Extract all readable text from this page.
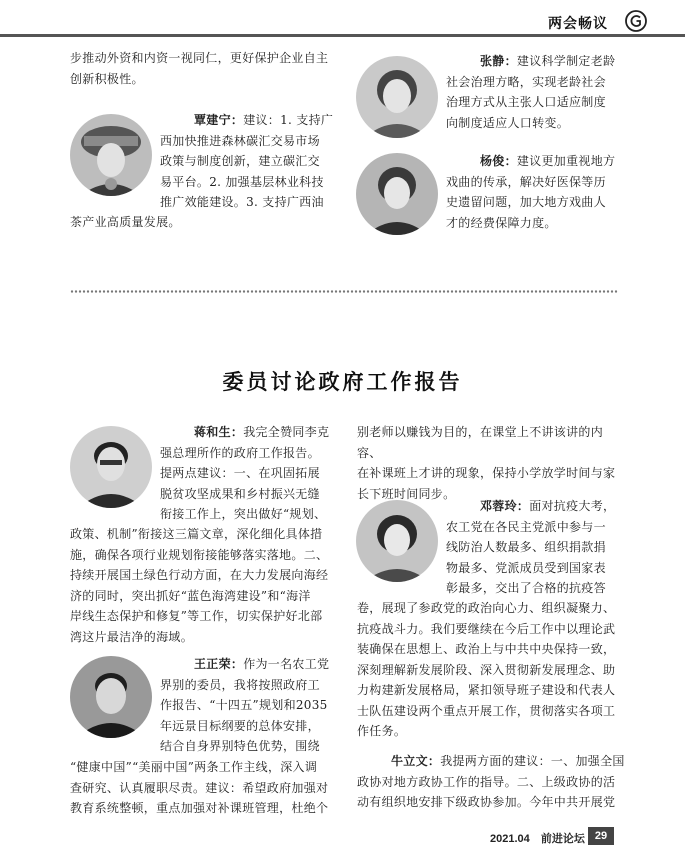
两会畅议

步推动外资和内资一视同仁，更好保护企业自主

创新积极性。

覃建宁：建议：1. 支持广

西加快推进森林碳汇交易市场

政策与制度创新，建立碳汇交

易平台。2. 加强基层林业科技

推广效能建设。3. 支持广西油

茶产业高质量发展。

张静：建议科学制定老龄

社会治理方略，实现老龄社会

治理方式从主张人口适应制度

向制度适应人口转变。

杨俊：建议更加重视地方

戏曲的传承，解决好医保等历

史遗留问题，加大地方戏曲人

才的经费保障力度。

委员讨论政府工作报告

蒋和生：我完全赞同李克

强总理所作的政府工作报告。

提两点建议：一、在巩固拓展

脱贫攻坚成果和乡村振兴无缝

衔接工作上，突出做好“规划、

政策、机制”衔接这三篇文章，深化细化具体措

施，确保各项行业规划衔接能够落实落地。二、

持续开展国土绿色行动方面，在大力发展向海经

济的同时，突出抓好“蓝色海湾建设”和“海洋

岸线生态保护和修复”等工作，切实保护好北部

湾这片最洁净的海域。

王正荣：作为一名农工党

界别的委员，我将按照政府工

作报告、“十四五”规划和2035

年远景目标纲要的总体安排，

结合自身界别特色优势，围绕

“健康中国”“美丽中国”两条工作主线，深入调

查研究、认真履职尽责。建议：希望政府加强对

教育系统整顿，重点加强对补课班管理，杜绝个

别老师以赚钱为目的，在课堂上不讲该讲的内容、

在补课班上才讲的现象，保持小学放学时间与家

长下班时间同步。

邓蓉玲：面对抗疫大考，

农工党在各民主党派中参与一

线防治人数最多、组织捐款捐

物最多、党派成员受到国家表

彰最多，交出了合格的抗疫答

卷，展现了参政党的政治向心力、组织凝聚力、

抗疫战斗力。我们要继续在今后工作中以理论武

装确保在思想上、政治上与中共中央保持一致，

深刻理解新发展阶段、深入贯彻新发展理念、助

力构建新发展格局，紧扣领导班子建设和代表人

士队伍建设两个重点开展工作，贯彻落实各项工

作任务。

牛立文：我提两方面的建议：一、加强全国

政协对地方政协工作的指导。二、上级政协的活

动有组织地安排下级政协参加。今年中共开展党

2021.04 前进论坛 29
